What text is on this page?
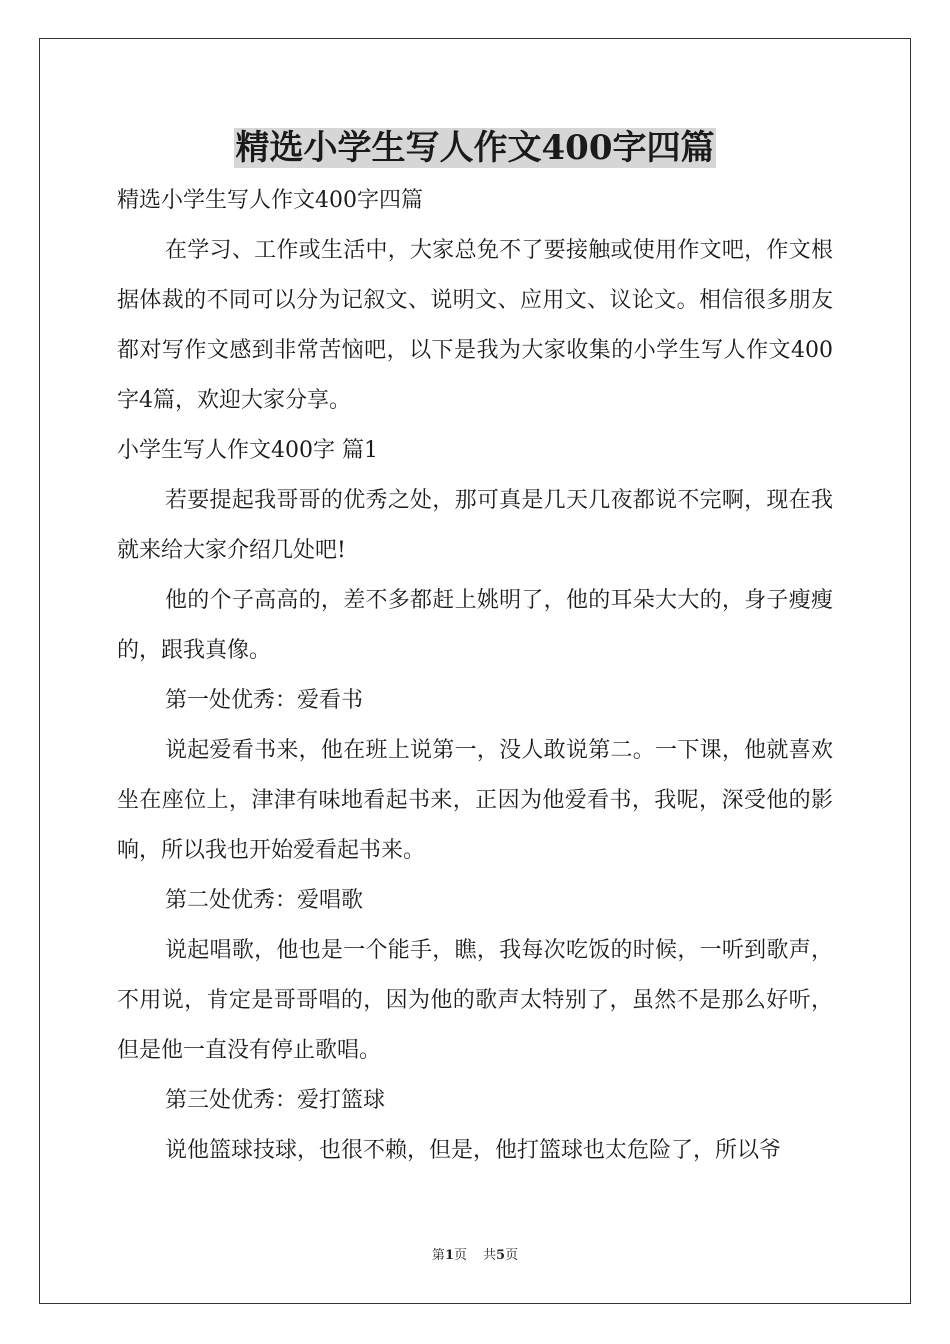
精选小学生写人作文400字四篇

精选小学生写人作文400字四篇

在学习、工作或生活中，大家总免不了要接触或使用作文吧，作文根据体裁的不同可以分为记叙文、说明文、应用文、议论文。相信很多朋友都对写作文感到非常苦恼吧，以下是我为大家收集的小学生写人作文400字4篇，欢迎大家分享。

小学生写人作文400字 篇1

若要提起我哥哥的优秀之处，那可真是几天几夜都说不完啊，现在我就来给大家介绍几处吧!

他的个子高高的，差不多都赶上姚明了，他的耳朵大大的，身子瘦瘦的，跟我真像。

第一处优秀：爱看书

说起爱看书来，他在班上说第一，没人敢说第二。一下课，他就喜欢坐在座位上，津津有味地看起书来，正因为他爱看书，我呢，深受他的影响，所以我也开始爱看起书来。

第二处优秀：爱唱歌

说起唱歌，他也是一个能手，瞧，我每次吃饭的时候，一听到歌声，不用说，肯定是哥哥唱的，因为他的歌声太特别了，虽然不是那么好听，但是他一直没有停止歌唱。

第三处优秀：爱打篮球

说他篮球技球，也很不赖，但是，他打篮球也太危险了，所以爷

第1页 共5页
